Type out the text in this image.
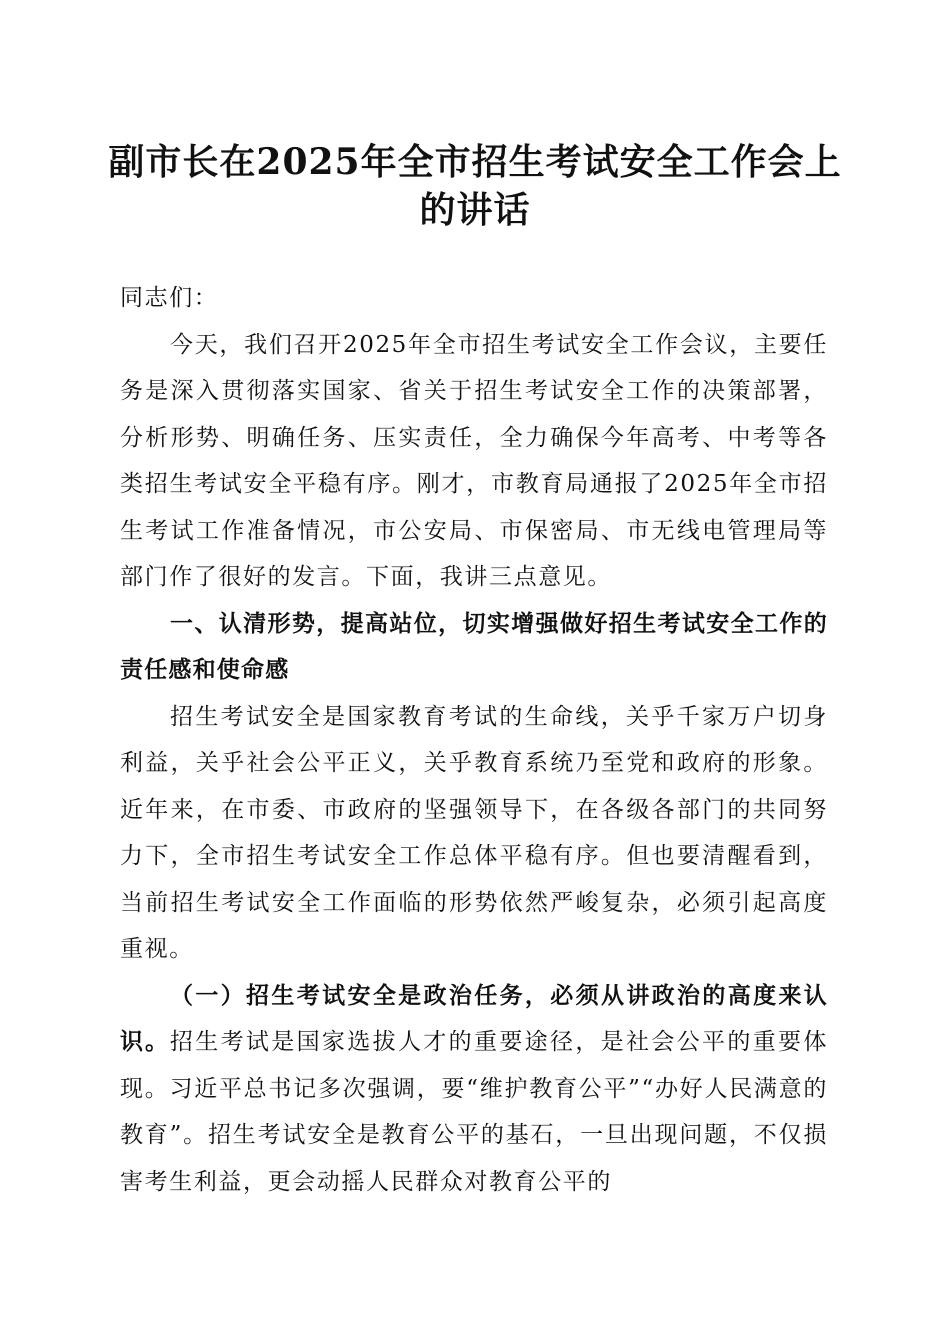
副市长在2025年全市招生考试安全工作会上的讲话

同志们：

今天，我们召开2025年全市招生考试安全工作会议，主要任务是深入贯彻落实国家、省关于招生考试安全工作的决策部署，分析形势、明确任务、压实责任，全力确保今年高考、中考等各类招生考试安全平稳有序。刚才，市教育局通报了2025年全市招生考试工作准备情况，市公安局、市保密局、市无线电管理局等部门作了很好的发言。下面，我讲三点意见。

一、认清形势，提高站位，切实增强做好招生考试安全工作的责任感和使命感

招生考试安全是国家教育考试的生命线，关乎千家万户切身利益，关乎社会公平正义，关乎教育系统乃至党和政府的形象。近年来，在市委、市政府的坚强领导下，在各级各部门的共同努力下，全市招生考试安全工作总体平稳有序。但也要清醒看到，当前招生考试安全工作面临的形势依然严峻复杂，必须引起高度重视。

（一）招生考试安全是政治任务，必须从讲政治的高度来认识。招生考试是国家选拔人才的重要途径，是社会公平的重要体现。习近平总书记多次强调，要“维护教育公平”“办好人民满意的教育”。招生考试安全是教育公平的基石，一旦出现问题，不仅损害考生利益，更会动摇人民群众对教育公平的
